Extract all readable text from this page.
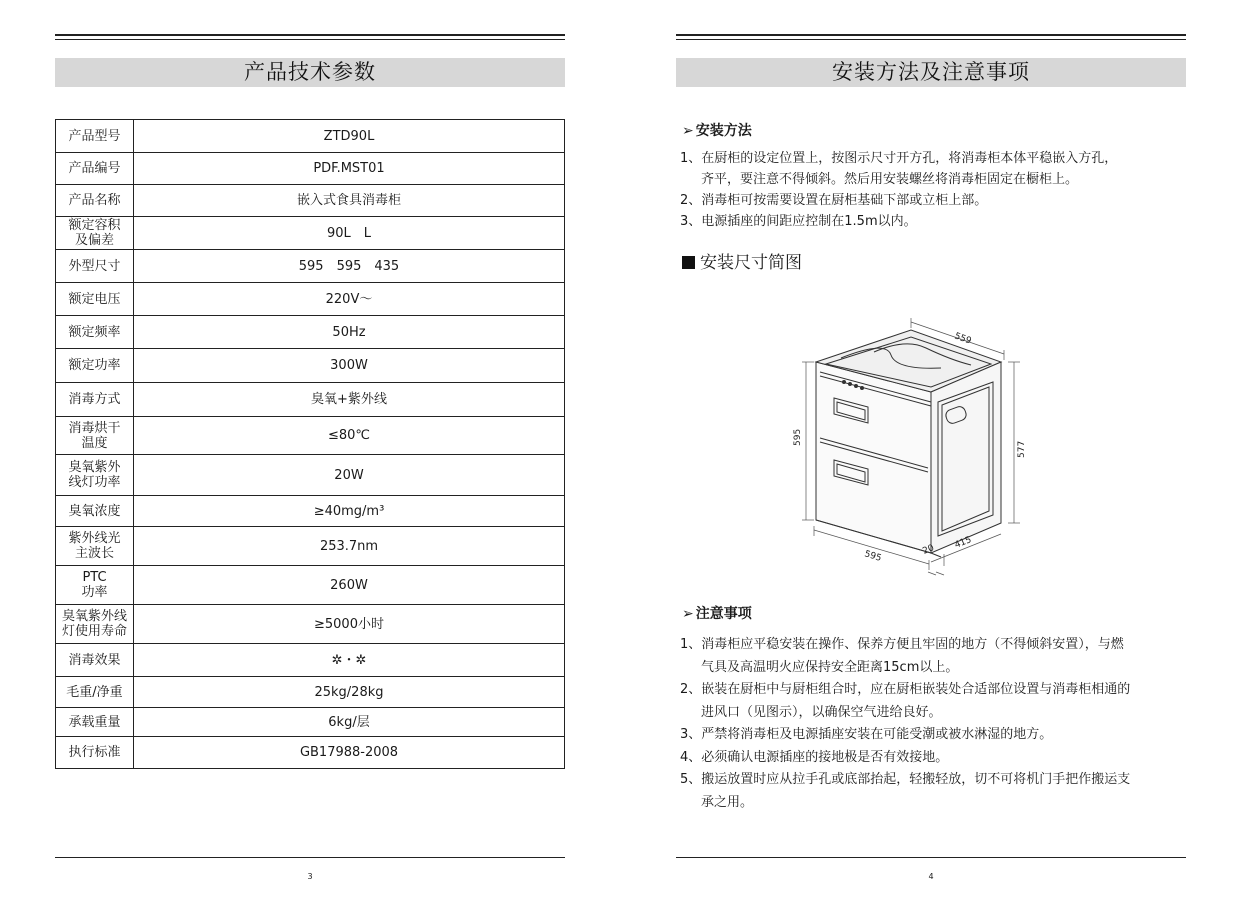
产品技术参数
产品型号	ZTD90L
产品编号	PDF.MST01
产品名称	嵌入式食具消毒柜
额定容积
及偏差	90L　L
外型尺寸	595　595　435
额定电压	220V～
额定频率	50Hz
额定功率	300W
消毒方式	臭氧+紫外线
消毒烘干
温度	≤80℃
臭氧紫外
线灯功率	20W
臭氧浓度	≥40mg/m³
紫外线光
主波长	253.7nm
PTC
功率	260W
臭氧紫外线
灯使用寿命	≥5000小时
消毒效果	✲・✲
毛重/净重	25kg/28kg
承载重量	6kg/层
执行标准	GB17988-2008
3
安装方法及注意事项
➢ 安装方法
1、在厨柜的设定位置上，按图示尺寸开方孔，将消毒柜本体平稳嵌入方孔，
齐平，要注意不得倾斜。然后用安装螺丝将消毒柜固定在橱柜上。
2、消毒柜可按需要设置在厨柜基础下部或立柜上部。
3、电源插座的间距应控制在1.5m以内。
安装尺寸简图
559
595
577
595	20 415
➢ 注意事项
1、消毒柜应平稳安装在操作、保养方便且牢固的地方（不得倾斜安置），与燃
气具及高温明火应保持安全距离15cm以上。
2、嵌装在厨柜中与厨柜组合时，应在厨柜嵌装处合适部位设置与消毒柜相通的
进风口（见图示），以确保空气进给良好。
3、严禁将消毒柜及电源插座安装在可能受潮或被水淋湿的地方。
4、必须确认电源插座的接地极是否有效接地。
5、搬运放置时应从拉手孔或底部抬起，轻搬轻放，切不可将机门手把作搬运支
承之用。
4
